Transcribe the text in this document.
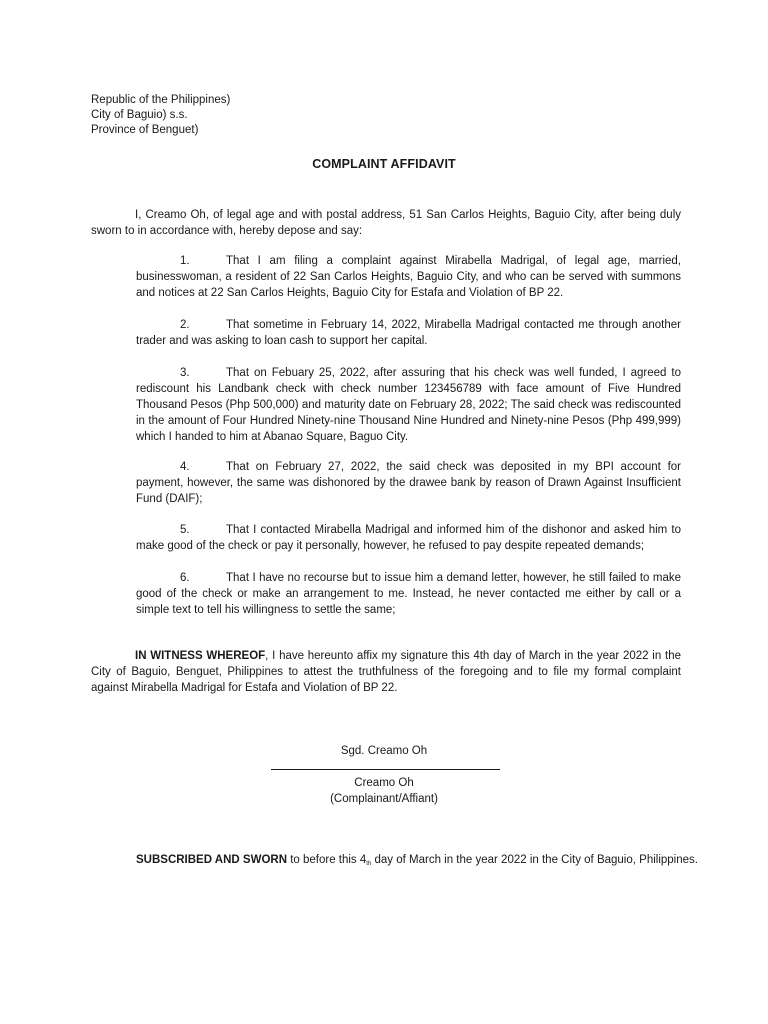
Republic of the Philippines)
City of Baguio) s.s.
Province of Benguet)
COMPLAINT AFFIDAVIT

I, Creamo Oh, of legal age and with postal address, 51 San Carlos Heights, Baguio City, after being duly sworn to in accordance with, hereby depose and say:

1.	That I am filing a complaint against Mirabella Madrigal, of legal age, married, businesswoman, a resident of 22 San Carlos Heights, Baguio City, and who can be served with summons and notices at 22 San Carlos Heights, Baguio City for Estafa and Violation of BP 22.

2.	That sometime in February 14, 2022, Mirabella Madrigal contacted me through another trader and was asking to loan cash to support her capital.

3.	That on Febuary 25, 2022, after assuring that his check was well funded, I agreed to rediscount his Landbank check with check number 123456789 with face amount of Five Hundred Thousand Pesos (Php 500,000) and maturity date on February 28, 2022; The said check was rediscounted in the amount of Four Hundred Ninety-nine Thousand Nine Hundred and Ninety-nine Pesos (Php 499,999) which I handed to him at Abanao Square, Baguo City.

4.	That on February 27, 2022, the said check was deposited in my BPI account for payment, however, the same was dishonored by the drawee bank by reason of Drawn Against Insufficient Fund (DAIF);

5.	That I contacted Mirabella Madrigal and informed him of the dishonor and asked him to make good of the check or pay it personally, however, he refused to pay despite repeated demands;

6.	That I have no recourse but to issue him a demand letter, however, he still failed to make good of the check or make an arrangement to me. Instead, he never contacted me either by call or a simple text to tell his willingness to settle the same;

IN WITNESS WHEREOF, I have hereunto affix my signature this 4th day of March in the year 2022 in the City of Baguio, Benguet, Philippines to attest the truthfulness of the foregoing and to file my formal complaint against Mirabella Madrigal for Estafa and Violation of BP 22.

Sgd. Creamo Oh
Creamo Oh
(Complainant/Affiant)
SUBSCRIBED AND SWORN to before this $4_{th}$ day of March in the year 2022 in the City of Baguio, Philippines.
